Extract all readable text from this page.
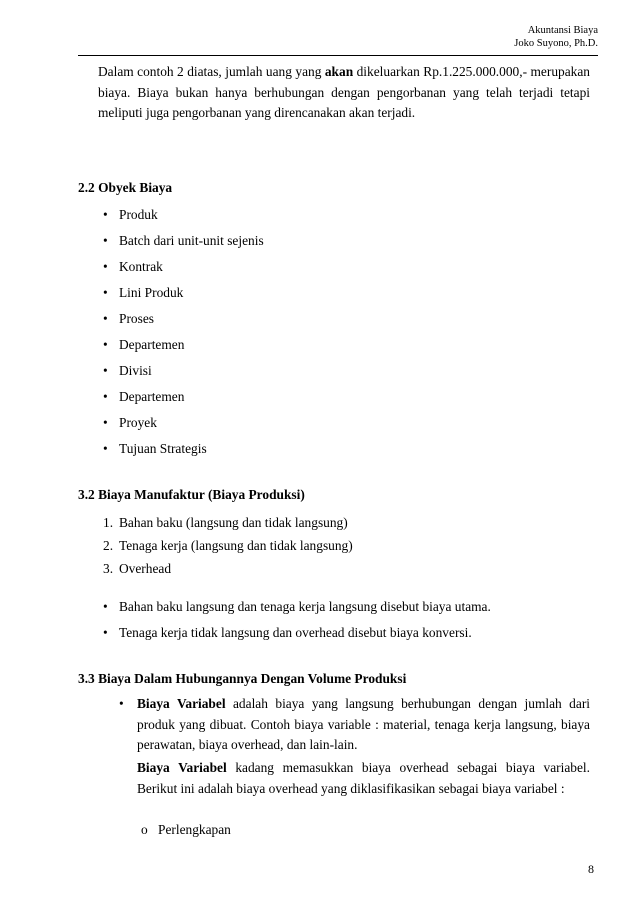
Akuntansi Biaya
Joko Suyono, Ph.D.

Dalam contoh 2 diatas, jumlah uang yang akan dikeluarkan Rp.1.225.000.000,- merupakan biaya. Biaya bukan hanya berhubungan dengan pengorbanan yang telah terjadi tetapi meliputi juga pengorbanan yang direncanakan akan terjadi.

2.2 Obyek Biaya
• Produk
• Batch dari unit-unit sejenis
• Kontrak
• Lini Produk
• Proses
• Departemen
• Divisi
• Departemen
• Proyek
• Tujuan Strategis
3.2 Biaya Manufaktur (Biaya Produksi)
1. Bahan baku (langsung dan tidak langsung)
2. Tenaga kerja (langsung dan tidak langsung)
3. Overhead
• Bahan baku langsung dan tenaga kerja langsung disebut biaya utama.
• Tenaga kerja tidak langsung dan overhead disebut biaya konversi.
3.3 Biaya Dalam Hubungannya Dengan Volume Produksi
• Biaya Variabel adalah biaya yang langsung berhubungan dengan jumlah dari produk yang dibuat. Contoh biaya variable : material, tenaga kerja langsung, biaya perawatan, biaya overhead, dan lain-lain.

Biaya Variabel kadang memasukkan biaya overhead sebagai biaya variabel. Berikut ini adalah biaya overhead yang diklasifikasikan sebagai biaya variabel :

o Perlengkapan
8
